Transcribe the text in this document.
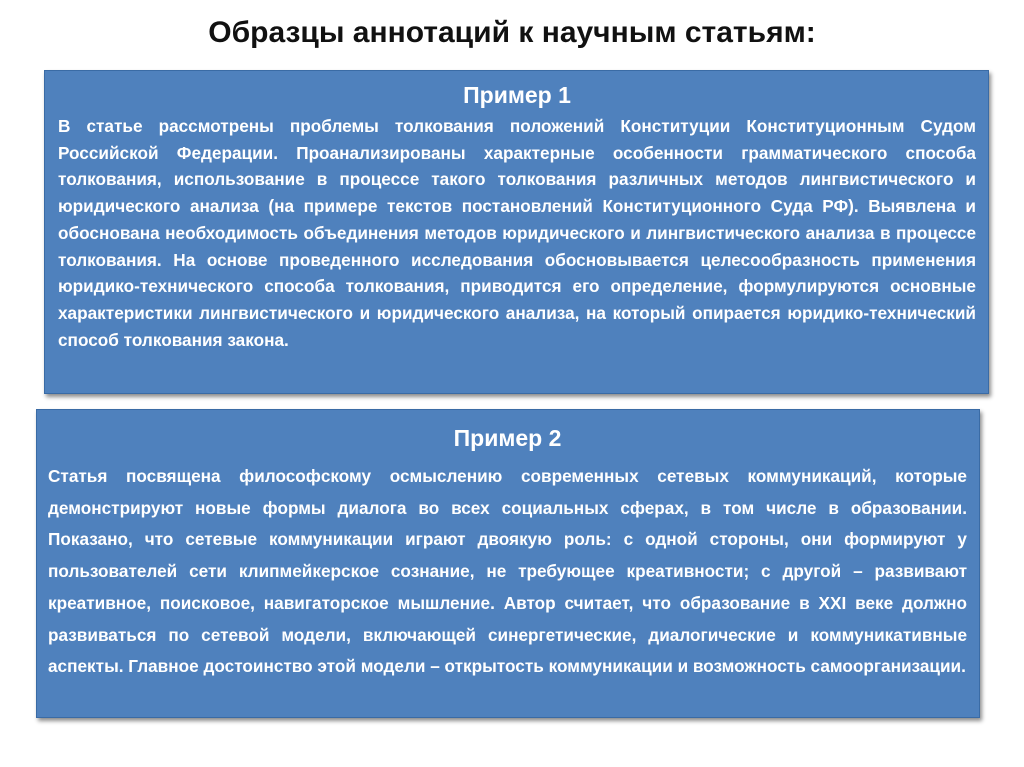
Образцы аннотаций к научным статьям:
Пример 1

В статье рассмотрены проблемы толкования положений Конституции Конституционным Судом Российской Федерации. Проанализированы характерные особенности грамматического способа толкования, использование в процессе такого толкования различных методов лингвистического и юридического анализа (на примере текстов постановлений Конституционного Суда РФ). Выявлена и обоснована необходимость объединения методов юридического и лингвистического анализа в процессе толкования. На основе проведенного исследования обосновывается целесообразность применения юридико-технического способа толкования, приводится его определение, формулируются основные характеристики лингвистического и юридического анализа, на который опирается юридико-технический способ толкования закона.

Пример 2

Статья посвящена философскому осмыслению современных сетевых коммуникаций, которые демонстрируют новые формы диалога во всех социальных сферах, в том числе в образовании. Показано, что сетевые коммуникации играют двоякую роль: с одной стороны, они формируют у пользователей сети клипмейкерское сознание, не требующее креативности; с другой – развивают креативное, поисковое, навигаторское мышление. Автор считает, что образование в XXI веке должно развиваться по сетевой модели, включающей синергетические, диалогические и коммуникативные аспекты. Главное достоинство этой модели – открытость коммуникации и возможность самоорганизации.
